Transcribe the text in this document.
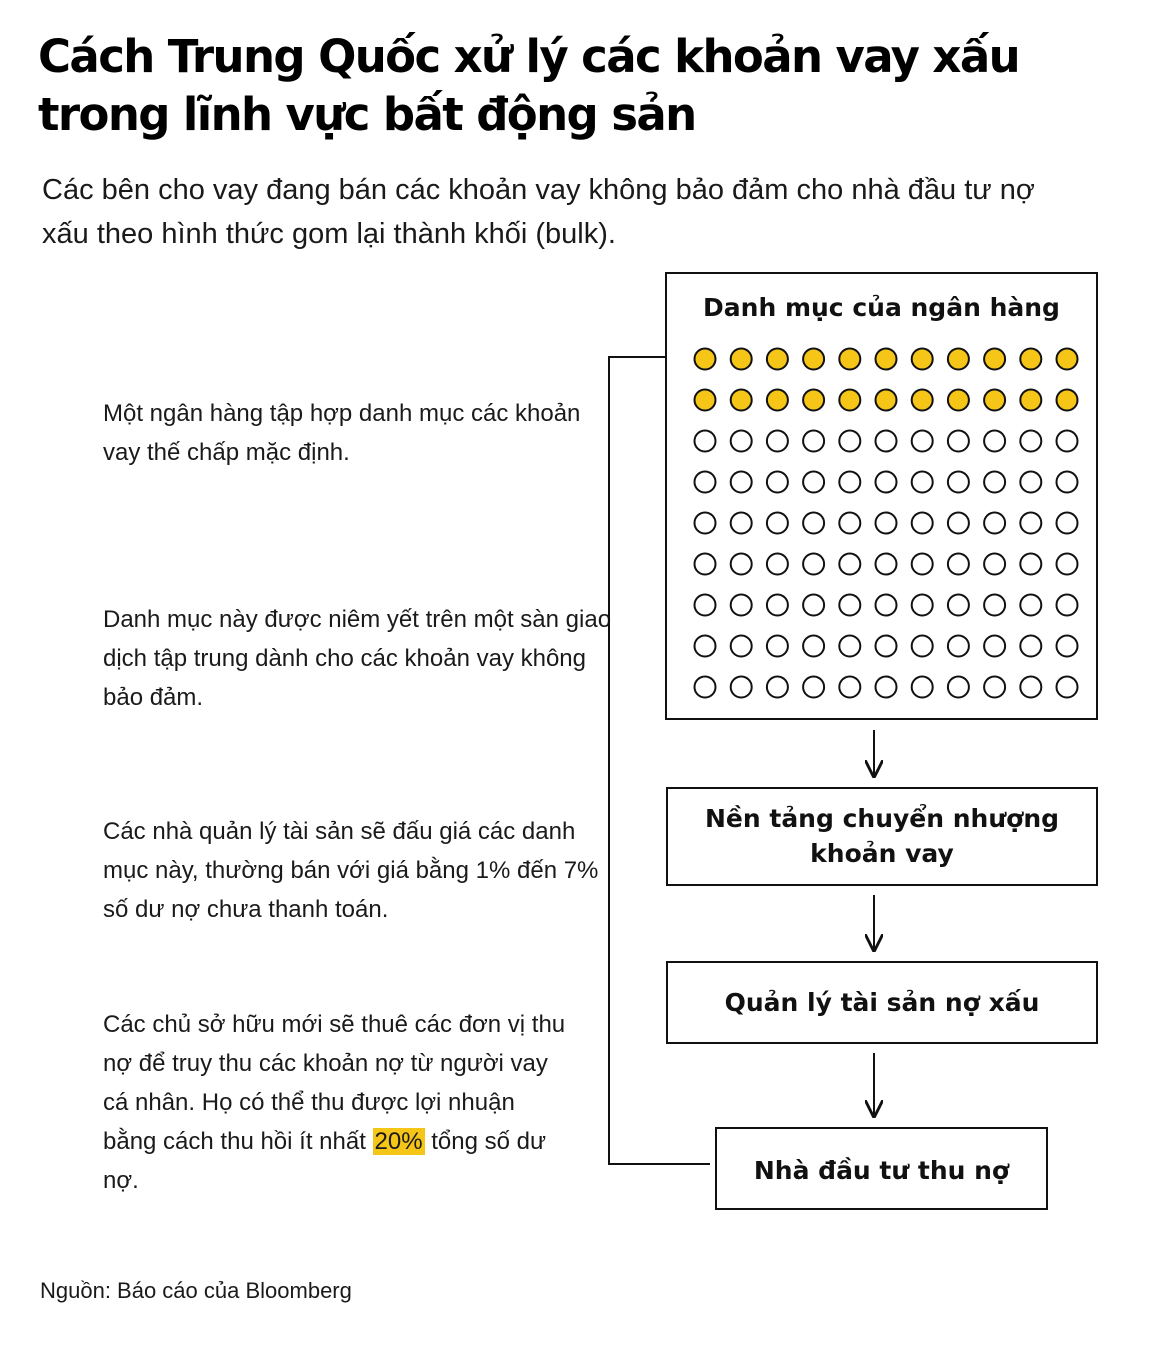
Cách Trung Quốc xử lý các khoản vay xấu trong lĩnh vực bất động sản
Các bên cho vay đang bán các khoản vay không bảo đảm cho nhà đầu tư nợ xấu theo hình thức gom lại thành khối (bulk).
Một ngân hàng tập hợp danh mục các khoản vay thế chấp mặc định.
Danh mục này được niêm yết trên một sàn giao dịch tập trung dành cho các khoản vay không bảo đảm.
Các nhà quản lý tài sản sẽ đấu giá các danh mục này, thường bán với giá bằng 1% đến 7% số dư nợ chưa thanh toán.
Các chủ sở hữu mới sẽ thuê các đơn vị thu nợ để truy thu các khoản nợ từ người vay cá nhân. Họ có thể thu được lợi nhuận bằng cách thu hồi ít nhất 20% tổng số dư nợ.
Danh mục của ngân hàng
Nền tảng chuyển nhượng khoản vay
Quản lý tài sản nợ xấu
Nhà đầu tư thu nợ
Nguồn: Báo cáo của Bloomberg
